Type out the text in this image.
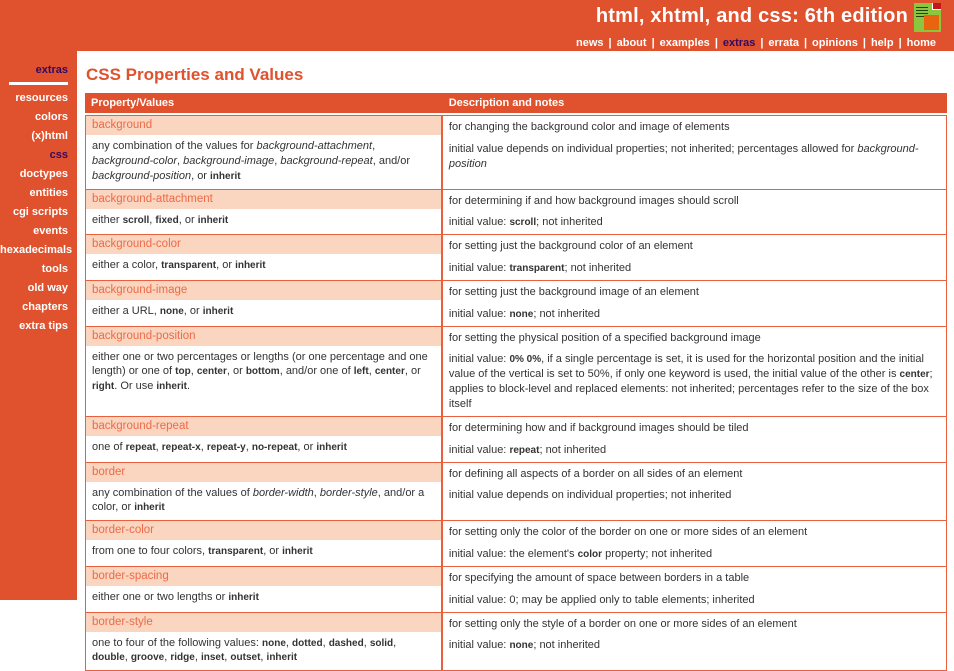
html, xhtml, and css: 6th edition
news | about | examples | extras | errata | opinions | help | home
extras
resources
colors
(x)html
css
doctypes
entities
cgi scripts
events
hexadecimals
tools
old way chapters
extra tips
CSS Properties and Values
Property/Values	Description and notes
background
any combination of the values for background-attachment, background-color, background-image, background-repeat, and/or background-position, or inherit

for changing the background color and image of elements

initial value depends on individual properties; not inherited; percentages allowed for background-position

background-attachment
either scroll, fixed, or inherit

for determining if and how background images should scroll

initial value: scroll; not inherited

background-color
either a color, transparent, or inherit

for setting just the background color of an element

initial value: transparent; not inherited

background-image
either a URL, none, or inherit

for setting just the background image of an element

initial value: none; not inherited

background-position
either one or two percentages or lengths (or one percentage and one length) or one of top, center, or bottom, and/or one of left, center, or right. Or use inherit.

for setting the physical position of a specified background image

initial value: 0% 0%, if a single percentage is set, it is used for the horizontal position and the initial value of the vertical is set to 50%, if only one keyword is used, the initial value of the other is center; applies to block-level and replaced elements: not inherited; percentages refer to the size of the box itself

background-repeat
one of repeat, repeat-x, repeat-y, no-repeat, or inherit

for determining how and if background images should be tiled

initial value: repeat; not inherited

border
any combination of the values of border-width, border-style, and/or a color, or inherit

for defining all aspects of a border on all sides of an element

initial value depends on individual properties; not inherited

border-color
from one to four colors, transparent, or inherit

for setting only the color of the border on one or more sides of an element

initial value: the element's color property; not inherited

border-spacing
either one or two lengths or inherit

for specifying the amount of space between borders in a table

initial value: 0; may be applied only to table elements; inherited

border-style
one to four of the following values: none, dotted, dashed, solid, double, groove, ridge, inset, outset, inherit

for setting only the style of a border on one or more sides of an element

initial value: none; not inherited
